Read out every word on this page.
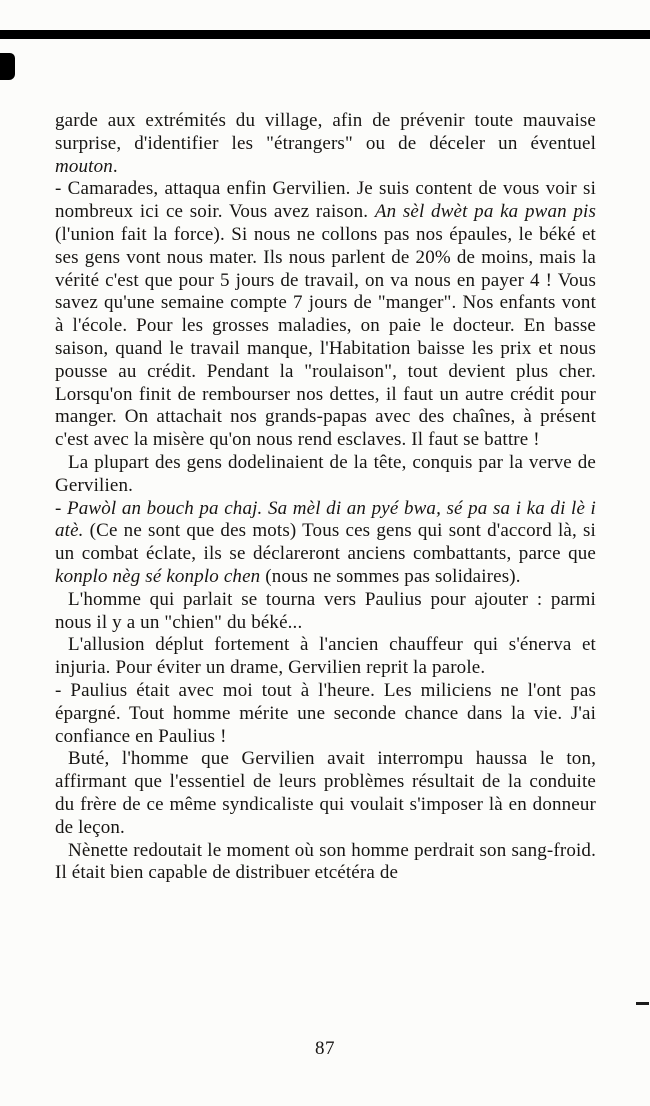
garde aux extrémités du village, afin de prévenir toute mauvaise surprise, d'identifier les "étrangers" ou de déceler un éventuel mouton.

- Camarades, attaqua enfin Gervilien. Je suis content de vous voir si nombreux ici ce soir. Vous avez raison. An sèl dwèt pa ka pwan pis (l'union fait la force). Si nous ne collons pas nos épaules, le béké et ses gens vont nous mater. Ils nous parlent de 20% de moins, mais la vérité c'est que pour 5 jours de travail, on va nous en payer 4 ! Vous savez qu'une semaine compte 7 jours de "manger". Nos enfants vont à l'école. Pour les grosses maladies, on paie le docteur. En basse saison, quand le travail manque, l'Habitation baisse les prix et nous pousse au crédit. Pendant la "roulaison", tout devient plus cher. Lorsqu'on finit de rembourser nos dettes, il faut un autre crédit pour manger. On attachait nos grands-papas avec des chaînes, à présent c'est avec la misère qu'on nous rend esclaves. Il faut se battre !

La plupart des gens dodelinaient de la tête, conquis par la verve de Gervilien.

- Pawòl an bouch pa chaj. Sa mèl di an pyé bwa, sé pa sa i ka di lè i atè. (Ce ne sont que des mots) Tous ces gens qui sont d'accord là, si un combat éclate, ils se déclareront anciens combattants, parce que konplo nèg sé konplo chen (nous ne sommes pas solidaires).

L'homme qui parlait se tourna vers Paulius pour ajouter : parmi nous il y a un "chien" du béké...

L'allusion déplut fortement à l'ancien chauffeur qui s'énerva et injuria. Pour éviter un drame, Gervilien reprit la parole.

- Paulius était avec moi tout à l'heure. Les miliciens ne l'ont pas épargné. Tout homme mérite une seconde chance dans la vie. J'ai confiance en Paulius !

Buté, l'homme que Gervilien avait interrompu haussa le ton, affirmant que l'essentiel de leurs problèmes résultait de la conduite du frère de ce même syndicaliste qui voulait s'imposer là en donneur de leçon.

Nènette redoutait le moment où son homme perdrait son sang-froid. Il était bien capable de distribuer etcétéra de

87
